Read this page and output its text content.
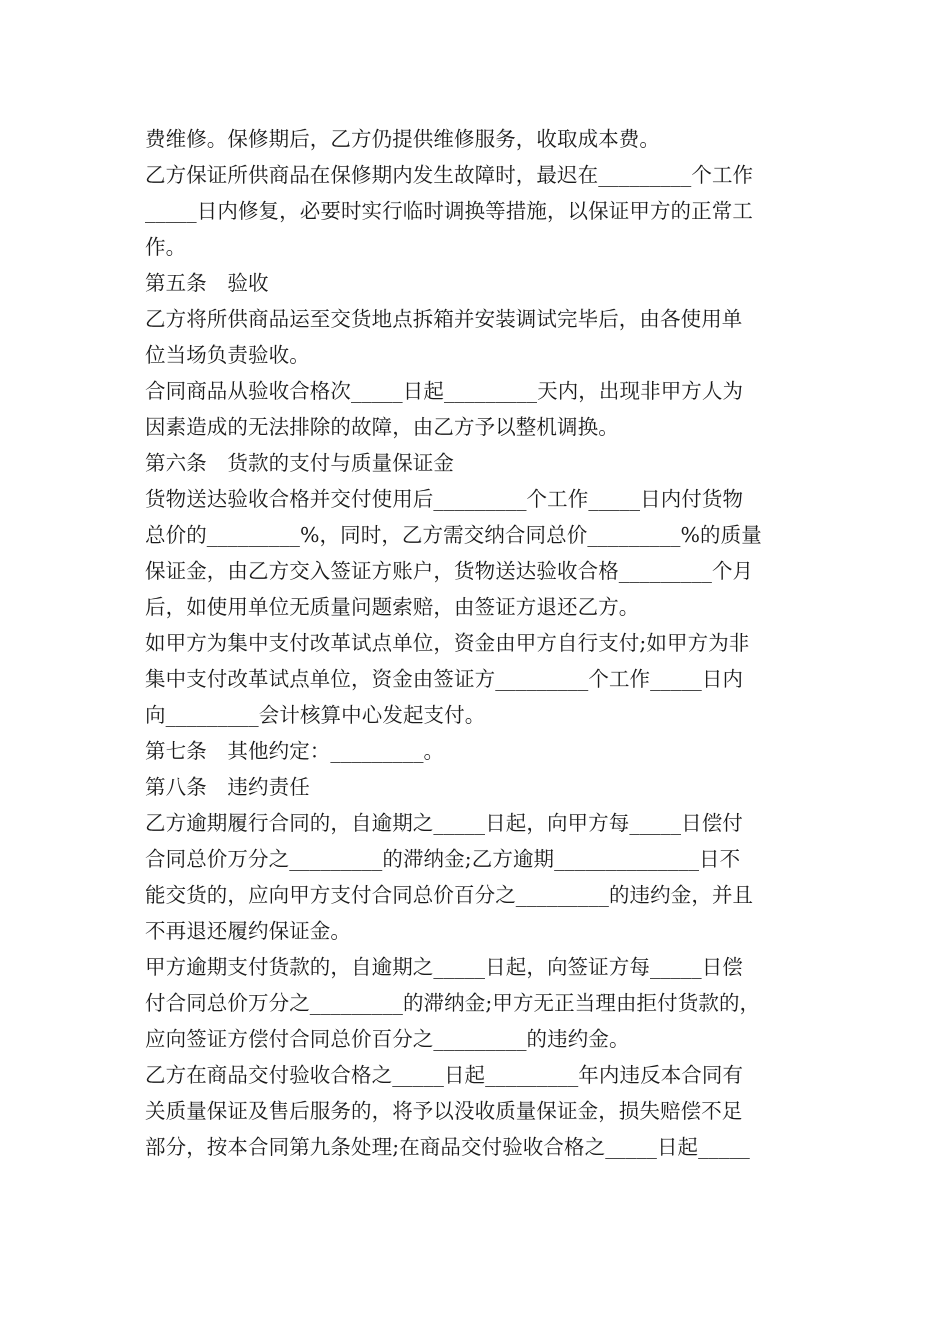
费维修。保修期后，乙方仍提供维修服务，收取成本费。
乙方保证所供商品在保修期内发生故障时，最迟在_________个工作
_____日内修复，必要时实行临时调换等措施，以保证甲方的正常工
作。
第五条　验收
乙方将所供商品运至交货地点拆箱并安装调试完毕后，由各使用单
位当场负责验收。
合同商品从验收合格次_____日起_________天内，出现非甲方人为
因素造成的无法排除的故障，由乙方予以整机调换。
第六条　货款的支付与质量保证金
货物送达验收合格并交付使用后_________个工作_____日内付货物
总价的_________%，同时，乙方需交纳合同总价_________%的质量
保证金，由乙方交入签证方账户，货物送达验收合格_________个月
后，如使用单位无质量问题索赔，由签证方退还乙方。
如甲方为集中支付改革试点单位，资金由甲方自行支付;如甲方为非
集中支付改革试点单位，资金由签证方_________个工作_____日内
向_________会计核算中心发起支付。
第七条　其他约定：_________。
第八条　违约责任
乙方逾期履行合同的，自逾期之_____日起，向甲方每_____日偿付
合同总价万分之_________的滞纳金;乙方逾期______________日不
能交货的，应向甲方支付合同总价百分之_________的违约金，并且
不再退还履约保证金。
甲方逾期支付货款的，自逾期之_____日起，向签证方每_____日偿
付合同总价万分之_________的滞纳金;甲方无正当理由拒付货款的，
应向签证方偿付合同总价百分之_________的违约金。
乙方在商品交付验收合格之_____日起_________年内违反本合同有
关质量保证及售后服务的，将予以没收质量保证金，损失赔偿不足
部分，按本合同第九条处理;在商品交付验收合格之_____日起_____
